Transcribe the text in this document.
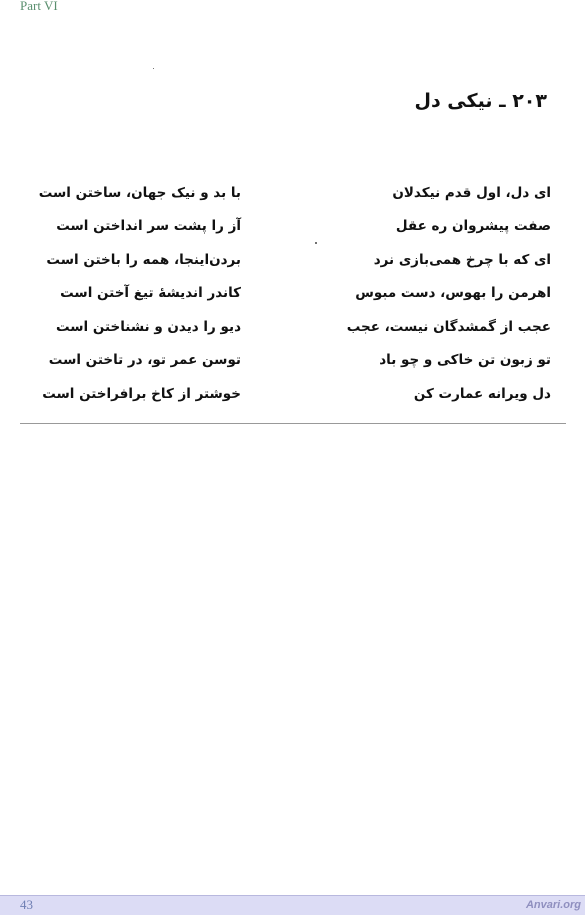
Part VI
۲۰۳ ـ نیکی دل
ای دل، اول قدم نیکدلان
با بد و نیک جهان، ساختن است
صفت پیشروان ره عقل
آز را پشت سر انداختن است
ای که با چرخ همی‌بازی نرد
بردن‌اینجا، همه را باختن است
اهرمن را بهوس، دست مبوس
کاندر اندیشهٔ تیغ آختن است
عجب از گمشدگان نیست، عجب
دیو را دیدن و نشناختن است
تو زبون تن خاکی و چو باد
توسن عمر تو، در تاختن است
دل ویرانه عمارت کن
خوشتر از کاخ برافراختن است
43	Anvari.org
